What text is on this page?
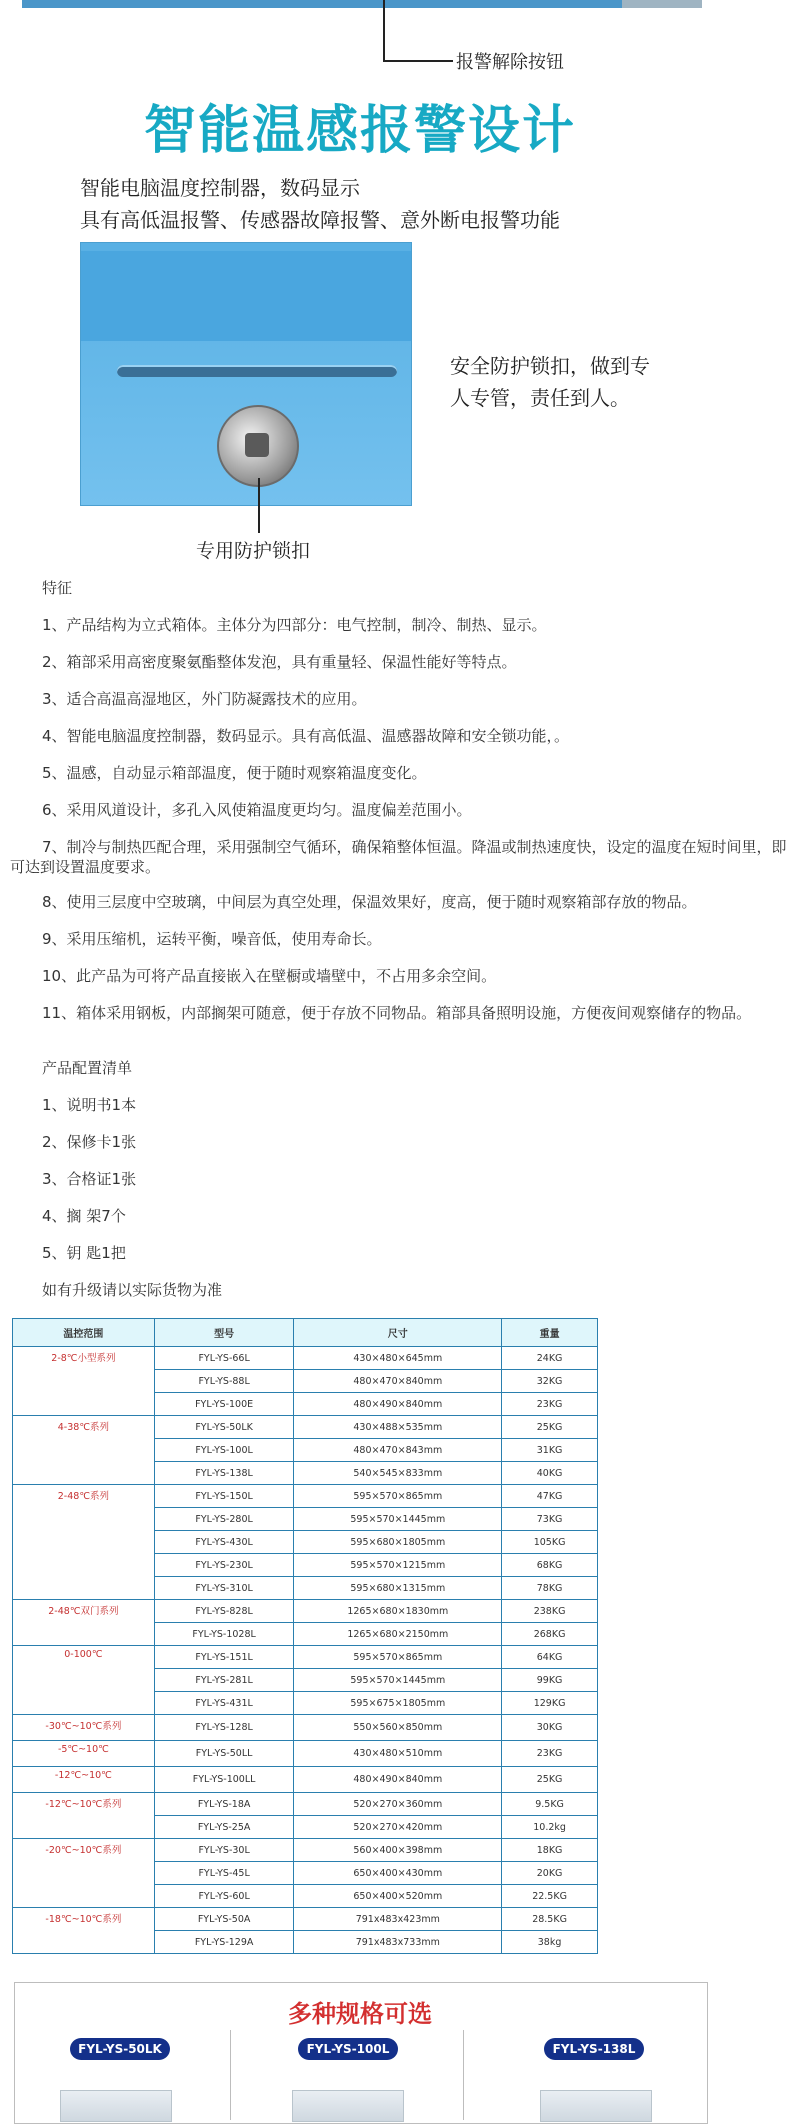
报警解除按钮
智能温感报警设计
智能电脑温度控制器，数码显示
具有高低温报警、传感器故障报警、意外断电报警功能
专用防护锁扣
安全防护锁扣，做到专
人专管，责任到人。
特征
1、产品结构为立式箱体。主体分为四部分：电气控制，制冷、制热、显示。
2、箱部采用高密度聚氨酯整体发泡，具有重量轻、保温性能好等特点。
3、适合高温高湿地区，外门防凝露技术的应用。
4、智能电脑温度控制器，数码显示。具有高低温、温感器故障和安全锁功能，。
5、温感，自动显示箱部温度，便于随时观察箱温度变化。
6、采用风道设计，多孔入风使箱温度更均匀。温度偏差范围小。
7、制冷与制热匹配合理，采用强制空气循环，确保箱整体恒温。降温或制热速度快，设定的温度在短时间里，即可达到设置温度要求。
8、使用三层度中空玻璃，中间层为真空处理，保温效果好，度高，便于随时观察箱部存放的物品。
9、采用压缩机，运转平衡，噪音低，使用寿命长。
10、此产品为可将产品直接嵌入在壁橱或墙壁中，不占用多余空间。
11、箱体采用钢板，内部搁架可随意，便于存放不同物品。箱部具备照明设施，方便夜间观察储存的物品。
产品配置清单
1、说明书1本
2、保修卡1张
3、合格证1张
4、搁 架7个
5、钥 匙1把
如有升级请以实际货物为准
温控范围	型号	尺寸	重量
2-8℃小型系列	FYL-YS-66L	430×480×645mm	24KG
	FYL-YS-88L	480×470×840mm	32KG
	FYL-YS-100E	480×490×840mm	23KG
4-38℃系列	FYL-YS-50LK	430×488×535mm	25KG
	FYL-YS-100L	480×470×843mm	31KG
	FYL-YS-138L	540×545×833mm	40KG
2-48℃系列	FYL-YS-150L	595×570×865mm	47KG
	FYL-YS-280L	595×570×1445mm	73KG
	FYL-YS-430L	595×680×1805mm	105KG
	FYL-YS-230L	595×570×1215mm	68KG
	FYL-YS-310L	595×680×1315mm	78KG
2-48℃双门系列	FYL-YS-828L	1265×680×1830mm	238KG
	FYL-YS-1028L	1265×680×2150mm	268KG
0-100℃	FYL-YS-151L	595×570×865mm	64KG
	FYL-YS-281L	595×570×1445mm	99KG
	FYL-YS-431L	595×675×1805mm	129KG
-30℃~10℃系列	FYL-YS-128L	550×560×850mm	30KG
-5℃~10℃	FYL-YS-50LL	430×480×510mm	23KG
-12℃~10℃	FYL-YS-100LL	480×490×840mm	25KG
-12℃~10℃系列	FYL-YS-18A	520×270×360mm	9.5KG
	FYL-YS-25A	520×270×420mm	10.2kg
-20℃~10℃系列	FYL-YS-30L	560×400×398mm	18KG
	FYL-YS-45L	650×400×430mm	20KG
	FYL-YS-60L	650×400×520mm	22.5KG
-18℃~10℃系列	FYL-YS-50A	791x483x423mm	28.5KG
	FYL-YS-129A	791x483x733mm	38kg
多种规格可选
FYL-YS-50LK	FYL-YS-100L	FYL-YS-138L
